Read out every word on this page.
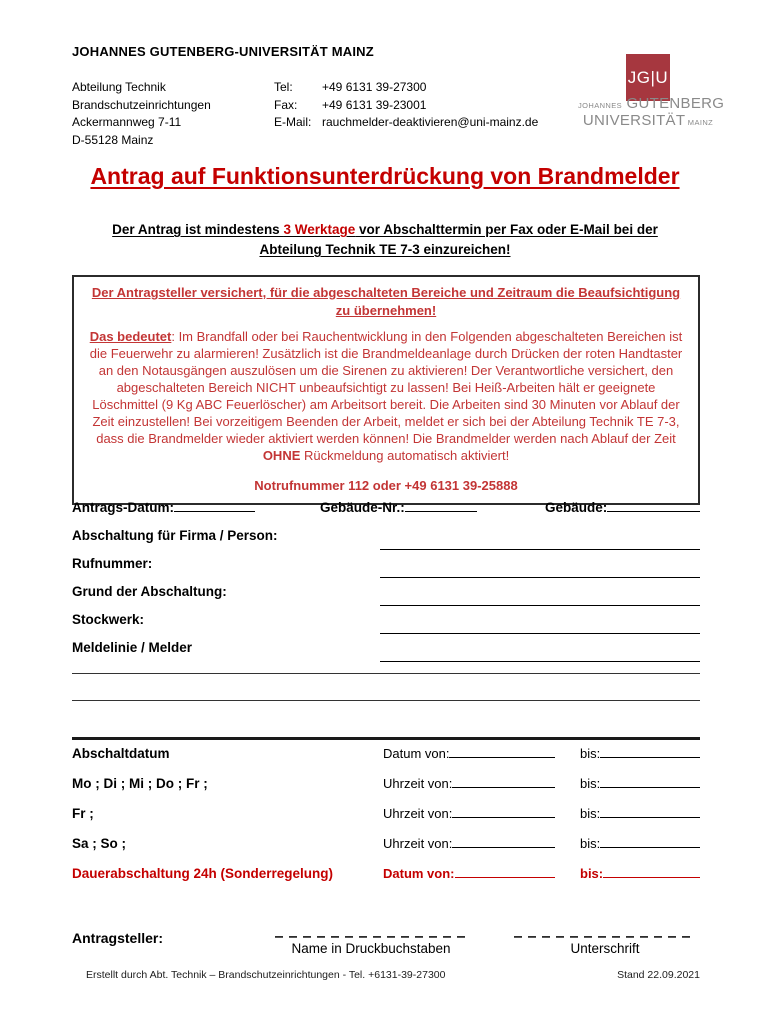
JOHANNES GUTENBERG-UNIVERSITÄT MAINZ
Abteilung Technik
Brandschutzeinrichtungen
Ackermannweg 7-11
D-55128 Mainz
Tel: +49 6131 39-27300
Fax: +49 6131 39-23001
E-Mail: rauchmelder-deaktivieren@uni-mainz.de
JG|U
JOHANNES GUTENBERG
UNIVERSITÄT MAINZ
Antrag auf Funktionsunterdrückung von Brandmelder
Der Antrag ist mindestens 3 Werktage vor Abschalttermin per Fax oder E-Mail bei der
Abteilung Technik TE 7-3 einzureichen!
Der Antragsteller versichert, für die abgeschalteten Bereiche und Zeitraum die Beaufsichtigung zu übernehmen!
Das bedeutet: Im Brandfall oder bei Rauchentwicklung in den Folgenden abgeschalteten Bereichen ist die Feuerwehr zu alarmieren! Zusätzlich ist die Brandmeldeanlage durch Drücken der roten Handtaster an den Notausgängen auszulösen um die Sirenen zu aktivieren! Der Verantwortliche versichert, den abgeschalteten Bereich NICHT unbeaufsichtigt zu lassen! Bei Heiß-Arbeiten hält er geeignete Löschmittel (9 Kg ABC Feuerlöscher) am Arbeitsort bereit. Die Arbeiten sind 30 Minuten vor Ablauf der Zeit einzustellen! Bei vorzeitigem Beenden der Arbeit, meldet er sich bei der Abteilung Technik TE 7-3, dass die Brandmelder wieder aktiviert werden können! Die Brandmelder werden nach Ablauf der Zeit OHNE Rückmeldung automatisch aktiviert!
Notrufnummer 112 oder +49 6131 39-25888
Antrags-Datum:	Gebäude-Nr.:	Gebäude:
Abschaltung für Firma / Person:
Rufnummer:
Grund der Abschaltung:
Stockwerk:
Meldelinie / Melder
Abschaltdatum	Datum von:	bis:
Mo ; Di ; Mi ; Do ; Fr ;	Uhrzeit von:	bis:
Fr ;	Uhrzeit von:	bis:
Sa ; So ;	Uhrzeit von:	bis:
Dauerabschaltung 24h (Sonderregelung)	Datum von:	bis:
Antragsteller:
Name in Druckbuchstaben	Unterschrift
Erstellt durch Abt. Technik – Brandschutzeinrichtungen - Tel. +6131-39-27300	Stand 22.09.2021
